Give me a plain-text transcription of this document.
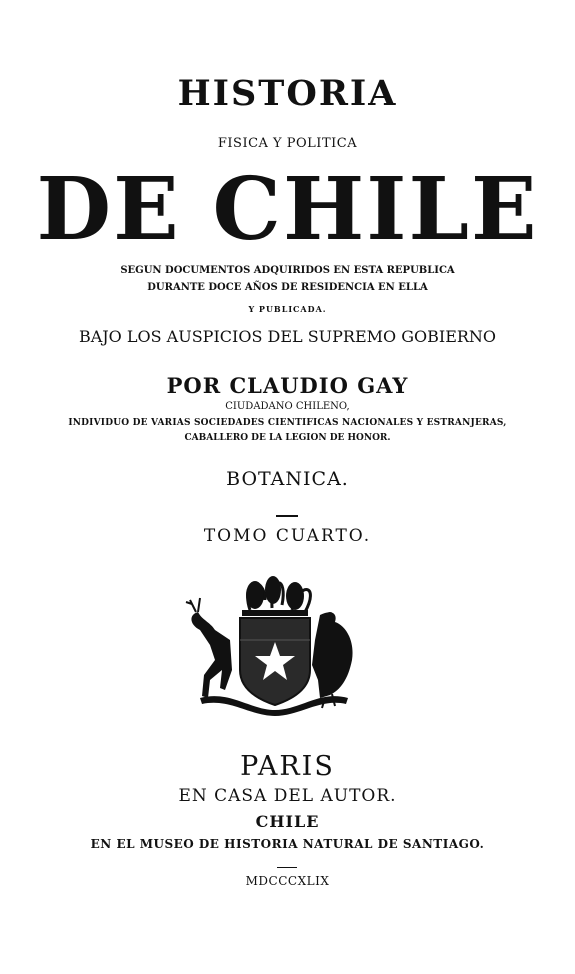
HISTORIA
FISICA Y POLITICA
DE CHILE
SEGUN DOCUMENTOS ADQUIRIDOS EN ESTA REPUBLICA
DURANTE DOCE AÑOS DE RESIDENCIA EN ELLA
Y PUBLICADA.
BAJO LOS AUSPICIOS DEL SUPREMO GOBIERNO
POR CLAUDIO GAY
CIUDADANO CHILENO,
INDIVIDUO DE VARIAS SOCIEDADES CIENTIFICAS NACIONALES Y ESTRANJERAS,
CABALLERO DE LA LEGION DE HONOR.
BOTANICA.
TOMO CUARTO.
PARIS
EN CASA DEL AUTOR.
CHILE
EN EL MUSEO DE HISTORIA NATURAL DE SANTIAGO.
MDCCCXLIX
